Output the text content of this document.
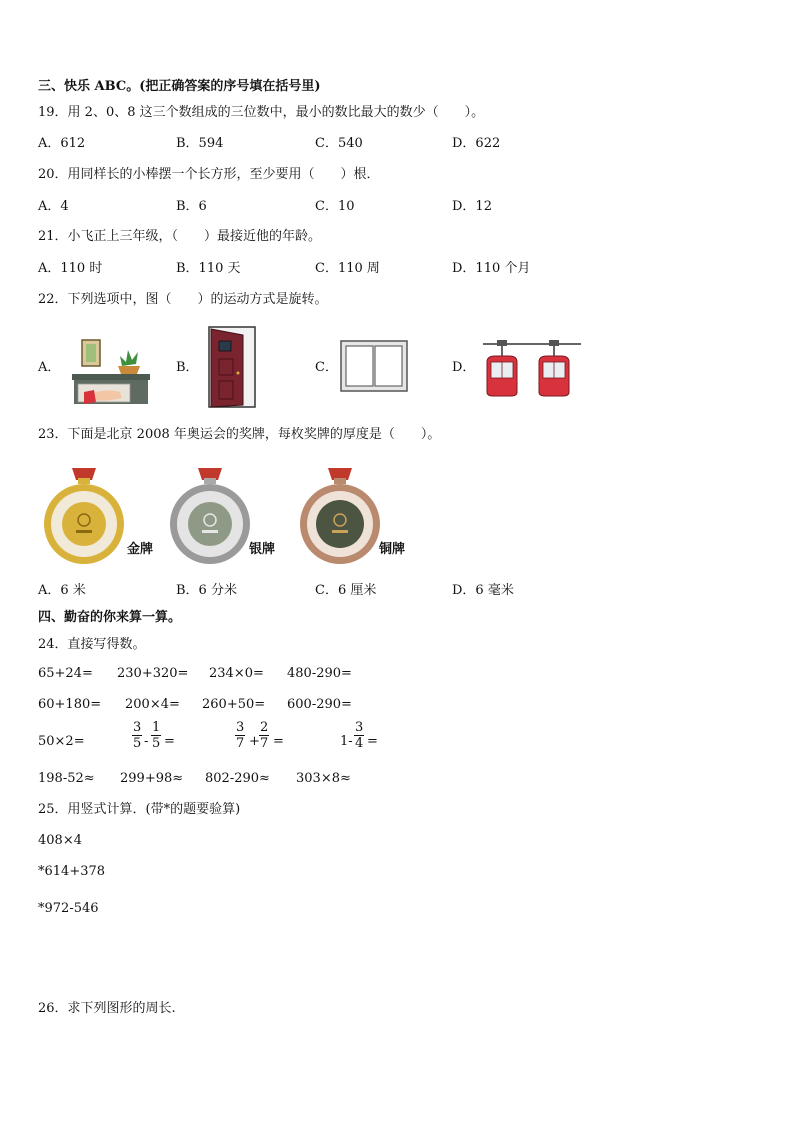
三、快乐 ABC。(把正确答案的序号填在括号里)
19．用 2、0、8 这三个数组成的三位数中，最小的数比最大的数少（　　）。
A．612	B．594	C．540	D．622
20．用同样长的小棒摆一个长方形，至少要用（　　）根．
A．4	B．6	C．10	D．12
21．小飞正上三年级，（　　）最接近他的年龄。
A．110 时	B．110 天	C．110 周	D．110 个月
22．下列选项中，图（　　）的运动方式是旋转。
A．	B．	C．	D．
23．下面是北京 2008 年奥运会的奖牌，每枚奖牌的厚度是（　　）。
金牌	银牌	铜牌
A．6 米	B．6 分米	C．6 厘米	D．6 毫米
四、勤奋的你来算一算。
24．直接写得数。
65+24= 230+320= 234×0= 480-290=
60+180= 200×4= 260+50= 600-290=
50×2=	$\frac{3}{5} - \frac{1}{5}$ =	$\frac{3}{7} + \frac{2}{7}$ =	$1- \frac{3}{4}$ =
198-52≈ 299+98≈ 802-290≈ 303×8≈
25．用竖式计算．(带*的题要验算)
408×4
*614+378
*972-546
26．求下列图形的周长.
